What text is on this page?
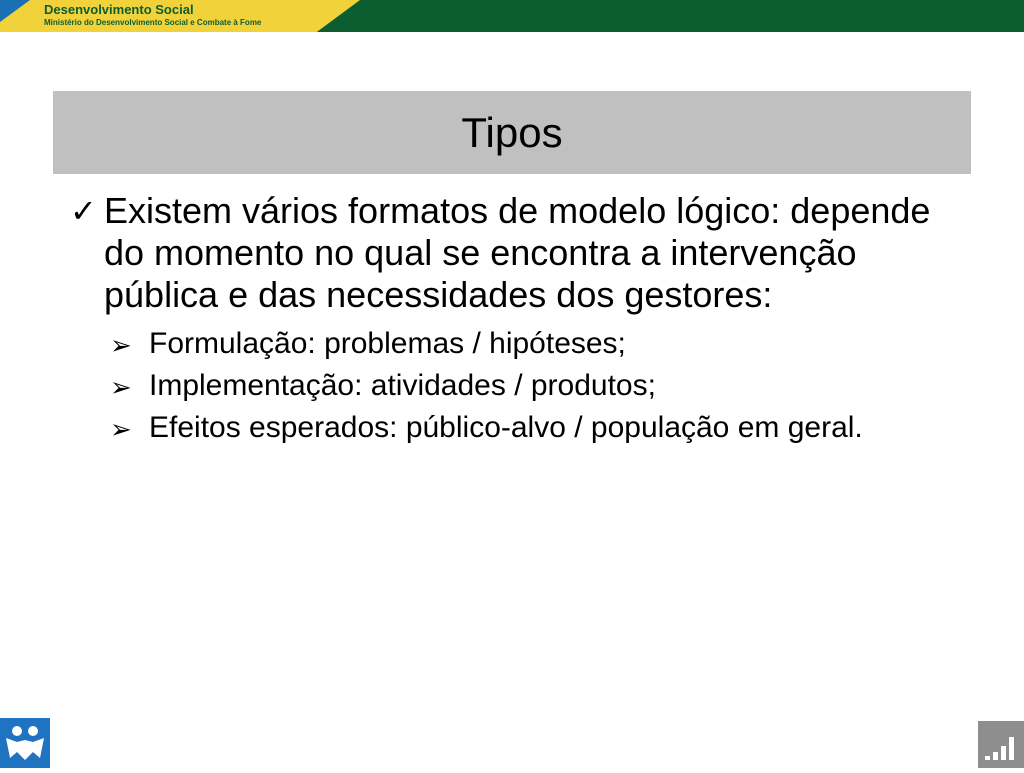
Desenvolvimento Social
Ministério do Desenvolvimento Social e Combate à Fome
Tipos
✓ Existem vários formatos de modelo lógico: depende do momento no qual se encontra a intervenção pública e das necessidades dos gestores:
➢ Formulação: problemas / hipóteses;
➢ Implementação: atividades / produtos;
➢ Efeitos esperados: público-alvo / população em geral.
